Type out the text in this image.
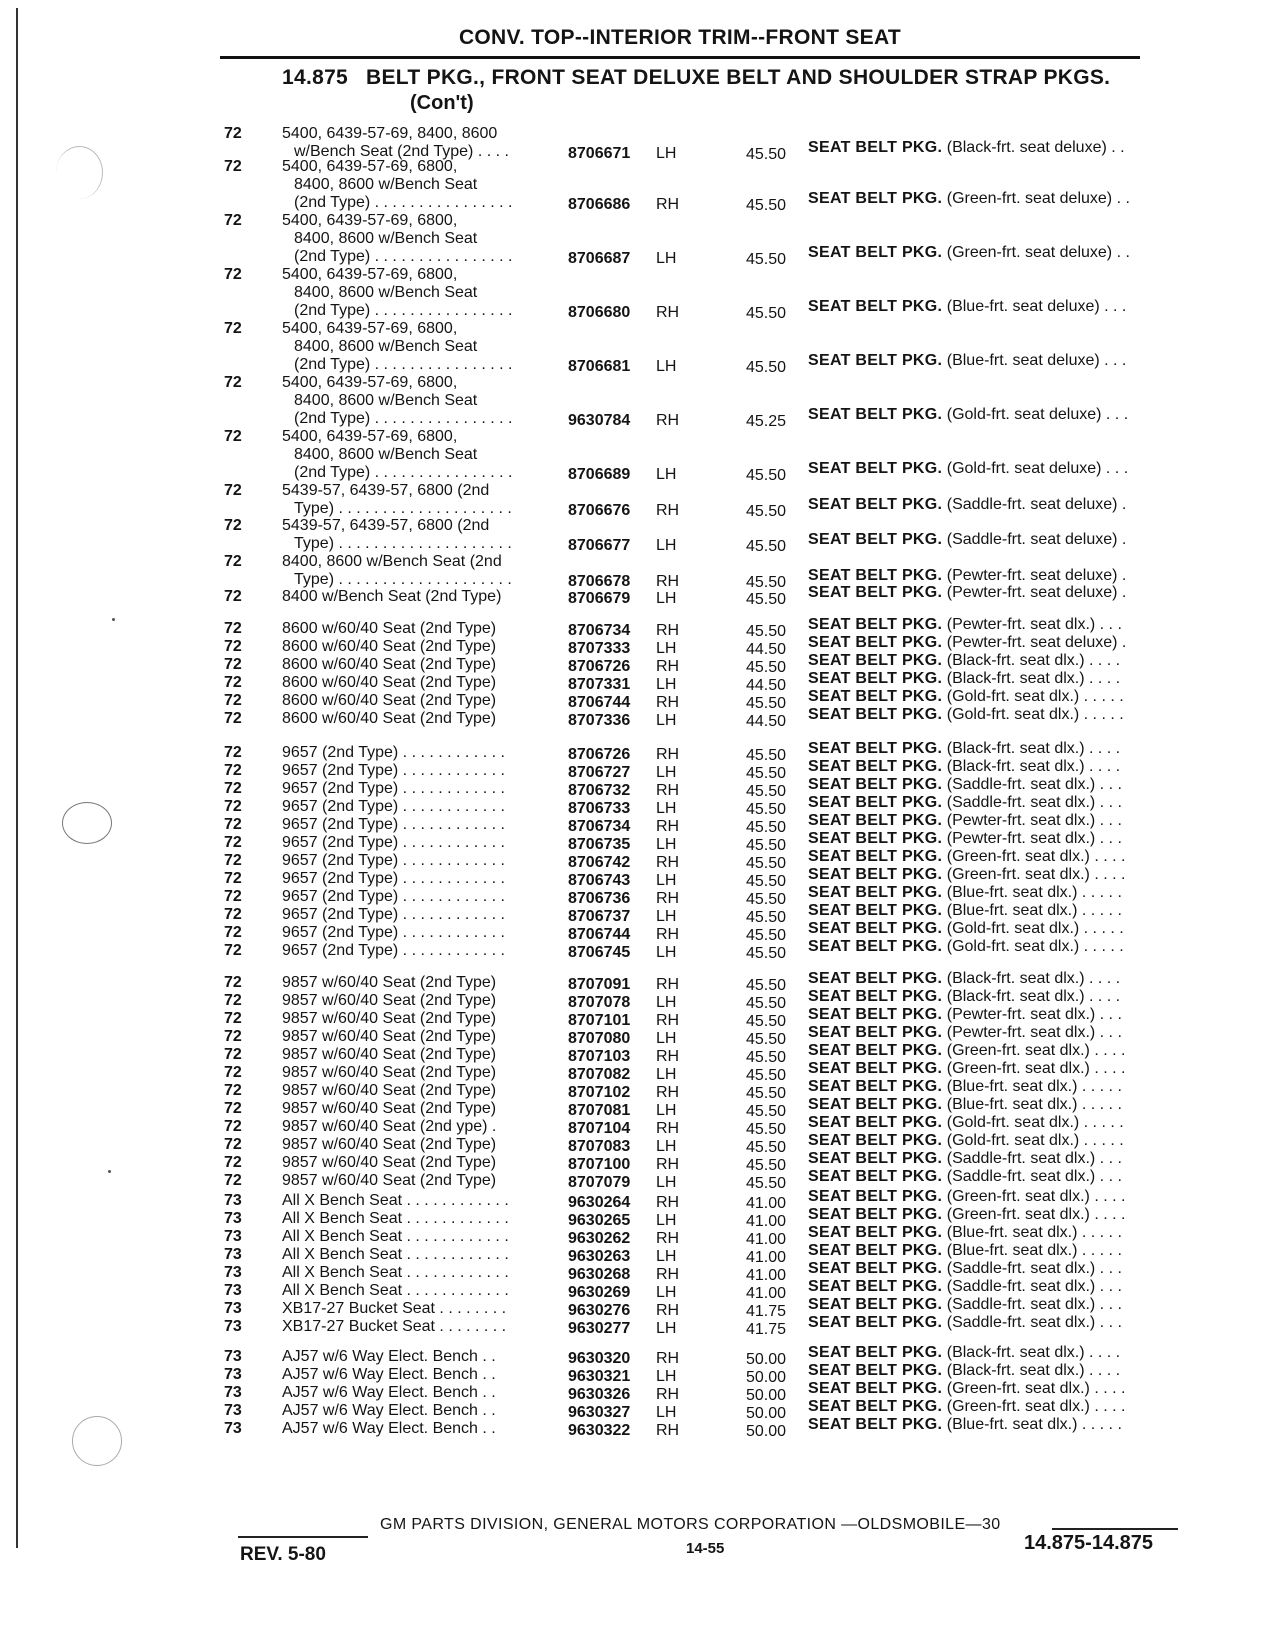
CONV. TOP--INTERIOR TRIM--FRONT SEAT
14.875 BELT PKG., FRONT SEAT DELUXE BELT AND SHOULDER STRAP PKGS.
(Con't)
72	5400, 6439-57-69, 8400, 8600
w/Bench Seat (2nd Type) . . . .	8706671	LH	45.50 SEAT BELT PKG. (Black-frt. seat deluxe) . .
72	5400, 6439-57-69, 6800,
8400, 8600 w/Bench Seat
(2nd Type) . . . . . . . . . . . . . . . .	8706686	RH	45.50 SEAT BELT PKG. (Green-frt. seat deluxe) . .
72	5400, 6439-57-69, 6800,
8400, 8600 w/Bench Seat
(2nd Type) . . . . . . . . . . . . . . . .	8706687	LH	45.50 SEAT BELT PKG. (Green-frt. seat deluxe) . .
72	5400, 6439-57-69, 6800,
8400, 8600 w/Bench Seat
(2nd Type) . . . . . . . . . . . . . . . .	8706680	RH	45.50 SEAT BELT PKG. (Blue-frt. seat deluxe) . . .
72	5400, 6439-57-69, 6800,
8400, 8600 w/Bench Seat
(2nd Type) . . . . . . . . . . . . . . . .	8706681	LH	45.50 SEAT BELT PKG. (Blue-frt. seat deluxe) . . .
72	5400, 6439-57-69, 6800,
8400, 8600 w/Bench Seat
(2nd Type) . . . . . . . . . . . . . . . .	9630784	RH	45.25 SEAT BELT PKG. (Gold-frt. seat deluxe) . . .
72	5400, 6439-57-69, 6800,
8400, 8600 w/Bench Seat
(2nd Type) . . . . . . . . . . . . . . . .	8706689	LH	45.50 SEAT BELT PKG. (Gold-frt. seat deluxe) . . .
72	5439-57, 6439-57, 6800 (2nd
Type) . . . . . . . . . . . . . . . . . . . .	8706676	RH	45.50 SEAT BELT PKG. (Saddle-frt. seat deluxe) .
72	5439-57, 6439-57, 6800 (2nd
Type) . . . . . . . . . . . . . . . . . . . .	8706677	LH	45.50 SEAT BELT PKG. (Saddle-frt. seat deluxe) .
72	8400, 8600 w/Bench Seat (2nd
Type) . . . . . . . . . . . . . . . . . . . .	8706678	RH	45.50 SEAT BELT PKG. (Pewter-frt. seat deluxe) .
72	8400 w/Bench Seat (2nd Type)	8706679	LH	45.50 SEAT BELT PKG. (Pewter-frt. seat deluxe) .
72	8600 w/60/40 Seat (2nd Type)	8706734	RH	45.50 SEAT BELT PKG. (Pewter-frt. seat dlx.) . . .
72	8600 w/60/40 Seat (2nd Type)	8707333	LH	44.50 SEAT BELT PKG. (Pewter-frt. seat deluxe) .
72	8600 w/60/40 Seat (2nd Type)	8706726	RH	45.50 SEAT BELT PKG. (Black-frt. seat dlx.) . . . .
72	8600 w/60/40 Seat (2nd Type)	8707331	LH	44.50 SEAT BELT PKG. (Black-frt. seat dlx.) . . . .
72	8600 w/60/40 Seat (2nd Type)	8706744	RH	45.50 SEAT BELT PKG. (Gold-frt. seat dlx.) . . . . .
72	8600 w/60/40 Seat (2nd Type)	8707336	LH	44.50 SEAT BELT PKG. (Gold-frt. seat dlx.) . . . . .
72	9657 (2nd Type) . . . . . . . . . . . .	8706726	RH	45.50 SEAT BELT PKG. (Black-frt. seat dlx.) . . . .
72	9657 (2nd Type) . . . . . . . . . . . .	8706727	LH	45.50 SEAT BELT PKG. (Black-frt. seat dlx.) . . . .
72	9657 (2nd Type) . . . . . . . . . . . .	8706732	RH	45.50 SEAT BELT PKG. (Saddle-frt. seat dlx.) . . .
72	9657 (2nd Type) . . . . . . . . . . . .	8706733	LH	45.50 SEAT BELT PKG. (Saddle-frt. seat dlx.) . . .
72	9657 (2nd Type) . . . . . . . . . . . .	8706734	RH	45.50 SEAT BELT PKG. (Pewter-frt. seat dlx.) . . .
72	9657 (2nd Type) . . . . . . . . . . . .	8706735	LH	45.50 SEAT BELT PKG. (Pewter-frt. seat dlx.) . . .
72	9657 (2nd Type) . . . . . . . . . . . .	8706742	RH	45.50 SEAT BELT PKG. (Green-frt. seat dlx.) . . . .
72	9657 (2nd Type) . . . . . . . . . . . .	8706743	LH	45.50 SEAT BELT PKG. (Green-frt. seat dlx.) . . . .
72	9657 (2nd Type) . . . . . . . . . . . .	8706736	RH	45.50 SEAT BELT PKG. (Blue-frt. seat dlx.) . . . . .
72	9657 (2nd Type) . . . . . . . . . . . .	8706737	LH	45.50 SEAT BELT PKG. (Blue-frt. seat dlx.) . . . . .
72	9657 (2nd Type) . . . . . . . . . . . .	8706744	RH	45.50 SEAT BELT PKG. (Gold-frt. seat dlx.) . . . . .
72	9657 (2nd Type) . . . . . . . . . . . .	8706745	LH	45.50 SEAT BELT PKG. (Gold-frt. seat dlx.) . . . . .
72	9857 w/60/40 Seat (2nd Type)	8707091	RH	45.50 SEAT BELT PKG. (Black-frt. seat dlx.) . . . .
72	9857 w/60/40 Seat (2nd Type)	8707078	LH	45.50 SEAT BELT PKG. (Black-frt. seat dlx.) . . . .
72	9857 w/60/40 Seat (2nd Type)	8707101	RH	45.50 SEAT BELT PKG. (Pewter-frt. seat dlx.) . . .
72	9857 w/60/40 Seat (2nd Type)	8707080	LH	45.50 SEAT BELT PKG. (Pewter-frt. seat dlx.) . . .
72	9857 w/60/40 Seat (2nd Type)	8707103	RH	45.50 SEAT BELT PKG. (Green-frt. seat dlx.) . . . .
72	9857 w/60/40 Seat (2nd Type)	8707082	LH	45.50 SEAT BELT PKG. (Green-frt. seat dlx.) . . . .
72	9857 w/60/40 Seat (2nd Type)	8707102	RH	45.50 SEAT BELT PKG. (Blue-frt. seat dlx.) . . . . .
72	9857 w/60/40 Seat (2nd Type)	8707081	LH	45.50 SEAT BELT PKG. (Blue-frt. seat dlx.) . . . . .
72	9857 w/60/40 Seat (2nd ype) .	8707104	RH	45.50 SEAT BELT PKG. (Gold-frt. seat dlx.) . . . . .
72	9857 w/60/40 Seat (2nd Type)	8707083	LH	45.50 SEAT BELT PKG. (Gold-frt. seat dlx.) . . . . .
72	9857 w/60/40 Seat (2nd Type)	8707100	RH	45.50 SEAT BELT PKG. (Saddle-frt. seat dlx.) . . .
72	9857 w/60/40 Seat (2nd Type)	8707079	LH	45.50 SEAT BELT PKG. (Saddle-frt. seat dlx.) . . .
73	All X Bench Seat . . . . . . . . . . . .	9630264	RH	41.00 SEAT BELT PKG. (Green-frt. seat dlx.) . . . .
73	All X Bench Seat . . . . . . . . . . . .	9630265	LH	41.00 SEAT BELT PKG. (Green-frt. seat dlx.) . . . .
73	All X Bench Seat . . . . . . . . . . . .	9630262	RH	41.00 SEAT BELT PKG. (Blue-frt. seat dlx.) . . . . .
73	All X Bench Seat . . . . . . . . . . . .	9630263	LH	41.00 SEAT BELT PKG. (Blue-frt. seat dlx.) . . . . .
73	All X Bench Seat . . . . . . . . . . . .	9630268	RH	41.00 SEAT BELT PKG. (Saddle-frt. seat dlx.) . . .
73	All X Bench Seat . . . . . . . . . . . .	9630269	LH	41.00 SEAT BELT PKG. (Saddle-frt. seat dlx.) . . .
73	XB17-27 Bucket Seat . . . . . . . .	9630276	RH	41.75 SEAT BELT PKG. (Saddle-frt. seat dlx.) . . .
73	XB17-27 Bucket Seat . . . . . . . .	9630277	LH	41.75 SEAT BELT PKG. (Saddle-frt. seat dlx.) . . .
73	AJ57 w/6 Way Elect. Bench . .	9630320	RH	50.00 SEAT BELT PKG. (Black-frt. seat dlx.) . . . .
73	AJ57 w/6 Way Elect. Bench . .	9630321	LH	50.00 SEAT BELT PKG. (Black-frt. seat dlx.) . . . .
73	AJ57 w/6 Way Elect. Bench . .	9630326	RH	50.00 SEAT BELT PKG. (Green-frt. seat dlx.) . . . .
73	AJ57 w/6 Way Elect. Bench . .	9630327	LH	50.00 SEAT BELT PKG. (Green-frt. seat dlx.) . . . .
73	AJ57 w/6 Way Elect. Bench . .	9630322	RH	50.00 SEAT BELT PKG. (Blue-frt. seat dlx.) . . . . .
GM PARTS DIVISION, GENERAL MOTORS CORPORATION —OLDSMOBILE—30
REV. 5-80	14-55	14.875-14.875
